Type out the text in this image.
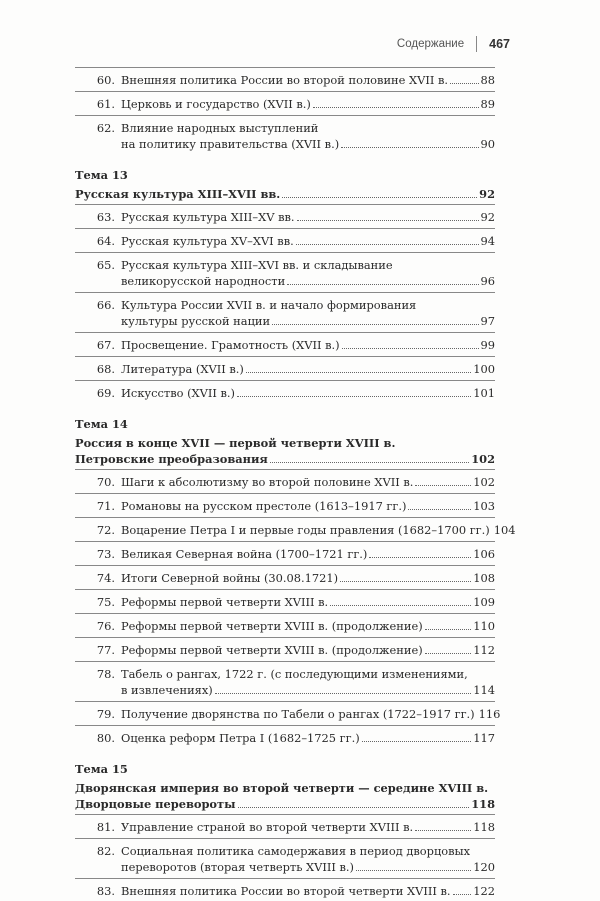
Содержание 467
60. Внешняя политика России во второй половине XVII в.	88
61. Церковь и государство (XVII в.)	89
62. Влияние народных выступлений
на политику правительства (XVII в.)	90
Тема 13
Русская культура XIII–XVII вв.	92
63. Русская культура XIII–XV вв.	92
64. Русская культура XV–XVI вв.	94
65. Русская культура XIII–XVI вв. и складывание
великорусской народности	96
66. Культура России XVII в. и начало формирования
культуры русской нации	97
67. Просвещение. Грамотность (XVII в.)	99
68. Литература (XVII в.)	100
69. Искусство (XVII в.)	101
Тема 14
Россия в конце XVII — первой четверти XVIII в.
Петровские преобразования	102
70. Шаги к абсолютизму во второй половине XVII в.	102
71. Романовы на русском престоле (1613–1917 гг.)	103
72. Воцарение Петра I и первые годы правления (1682–1700 гг.) 104
73. Великая Северная война (1700–1721 гг.)	106
74. Итоги Северной войны (30.08.1721)	108
75. Реформы первой четверти XVIII в.	109
76. Реформы первой четверти XVIII в. (продолжение)	110
77. Реформы первой четверти XVIII в. (продолжение)	112
78. Табель о рангах, 1722 г. (с последующими изменениями,
в извлечениях)	114
79. Получение дворянства по Табели о рангах (1722–1917 гг.) 116
80. Оценка реформ Петра I (1682–1725 гг.)	117
Тема 15
Дворянская империя во второй четверти — середине XVIII в.
Дворцовые перевороты	118
81. Управление страной во второй четверти XVIII в.	118
82. Социальная политика самодержавия в период дворцовых
переворотов (вторая четверть XVIII в.)	120
83. Внешняя политика России во второй четверти XVIII в. 122
